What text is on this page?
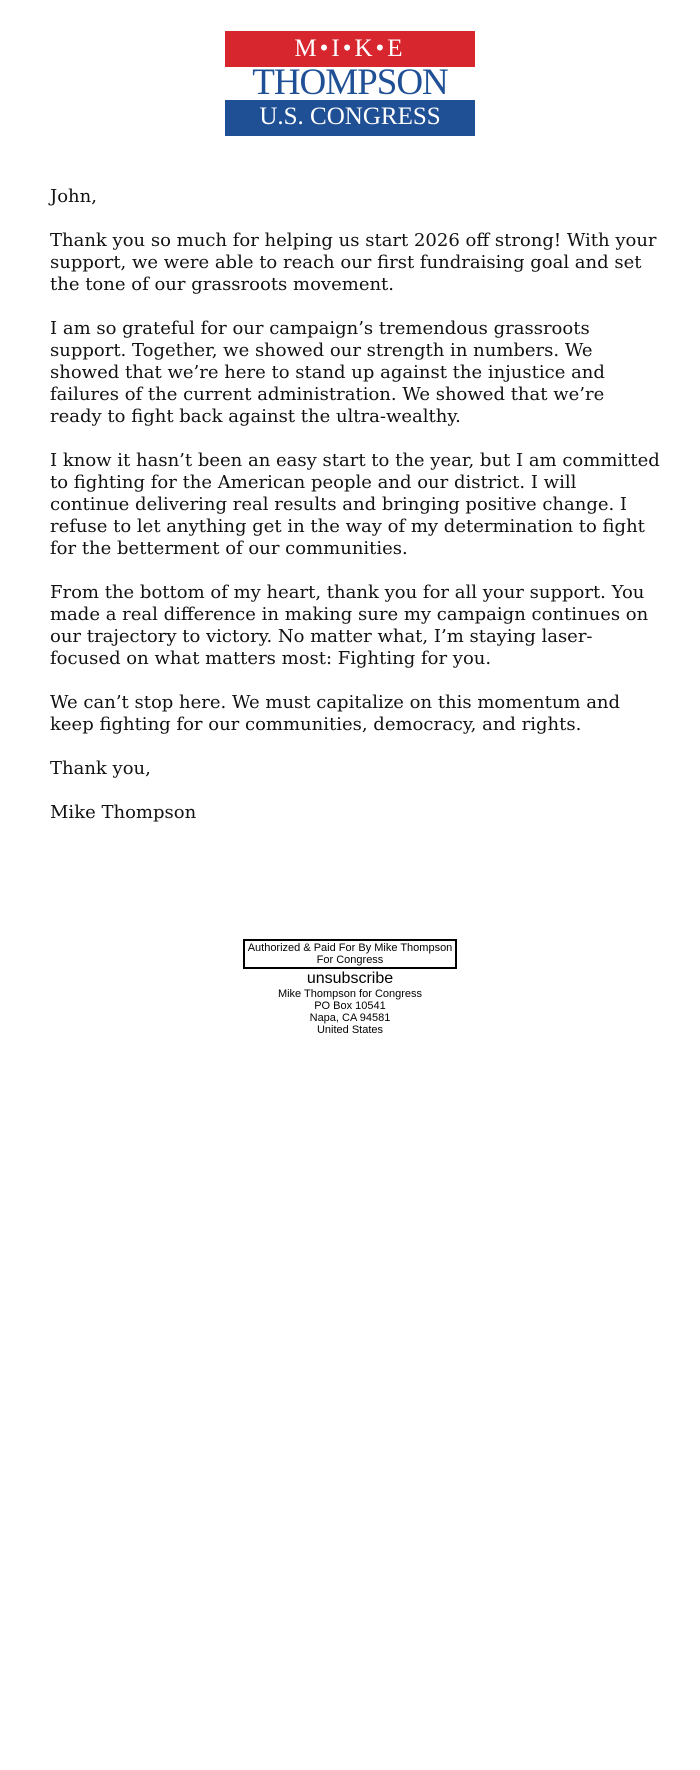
M•I•K•E
THOMPSON
U.S. CONGRESS

John,

Thank you so much for helping us start 2026 off strong! With your support, we were able to reach our first fundraising goal and set the tone of our grassroots movement.

I am so grateful for our campaign’s tremendous grassroots support. Together, we showed our strength in numbers. We showed that we’re here to stand up against the injustice and failures of the current administration. We showed that we’re ready to fight back against the ultra-wealthy.

I know it hasn’t been an easy start to the year, but I am committed to fighting for the American people and our district. I will continue delivering real results and bringing positive change. I refuse to let anything get in the way of my determination to fight for the betterment of our communities.

From the bottom of my heart, thank you for all your support. You made a real difference in making sure my campaign continues on our trajectory to victory. No matter what, I’m staying laser-focused on what matters most: Fighting for you.

We can’t stop here. We must capitalize on this momentum and keep fighting for our communities, democracy, and rights.

Thank you,

Mike Thompson

Authorized & Paid For By Mike Thompson For Congress
unsubscribe
Mike Thompson for Congress
PO Box 10541
Napa, CA 94581
United States
